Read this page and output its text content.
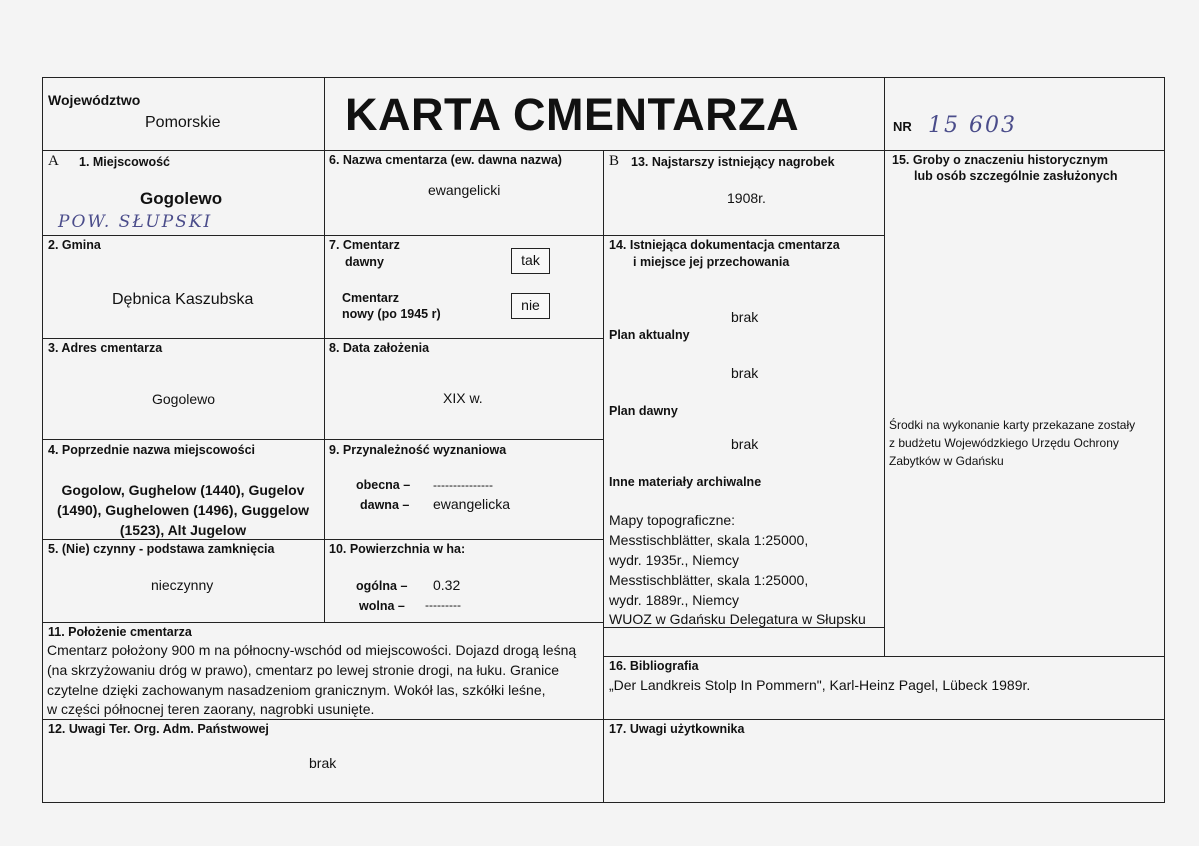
Województwo
Pomorskie	KARTA CMENTARZA	NR 15 603
A 1. Miejscowość
Gogolewo
POW. SŁUPSKI
2. Gmina
Dębnica Kaszubska
3. Adres cmentarza
Gogolewo
4. Poprzednie nazwa miejscowości
Gogolow, Gughelow (1440), Gugelov
(1490), Gughelowen (1496), Guggelow
(1523), Alt Jugelow
5. (Nie) czynny - podstawa zamknięcia
nieczynny
6. Nazwa cmentarza (ew. dawna nazwa)
ewangelicki
7. Cmentarz
dawny	tak
Cmentarz
nowy (po 1945 r)
nie
8. Data założenia
XIX w.
9. Przynależność wyznaniowa
obecna – ---------------
dawna – ewangelicka
10. Powierzchnia w ha:
ogólna – 0.32
wolna – ---------
11. Położenie cmentarza
Cmentarz położony 900 m na północny-wschód od miejscowości. Dojazd drogą leśną
(na skrzyżowaniu dróg w prawo), cmentarz po lewej stronie drogi, na łuku. Granice
czytelne dzięki zachowanym nasadzeniom granicznym. Wokół las, szkółki leśne,
w części północnej teren zaorany, nagrobki usunięte.
12. Uwagi Ter. Org. Adm. Państwowej
brak
B 13. Najstarszy istniejący nagrobek
1908r.
14. Istniejąca dokumentacja cmentarza
i miejsce jej przechowania
brak
Plan aktualny
brak
Plan dawny
brak
Inne materiały archiwalne
Mapy topograficzne:
Messtischblätter, skala 1:25000,
wydr. 1935r., Niemcy
Messtischblätter, skala 1:25000,
wydr. 1889r., Niemcy
WUOZ w Gdańsku Delegatura w Słupsku
15. Groby o znaczeniu historycznym
lub osób szczególnie zasłużonych
Środki na wykonanie karty przekazane zostały
z budżetu Wojewódzkiego Urzędu Ochrony
Zabytków w Gdańsku
16. Bibliografia
„Der Landkreis Stolp In Pommern", Karl-Heinz Pagel, Lübeck 1989r.
17. Uwagi użytkownika
